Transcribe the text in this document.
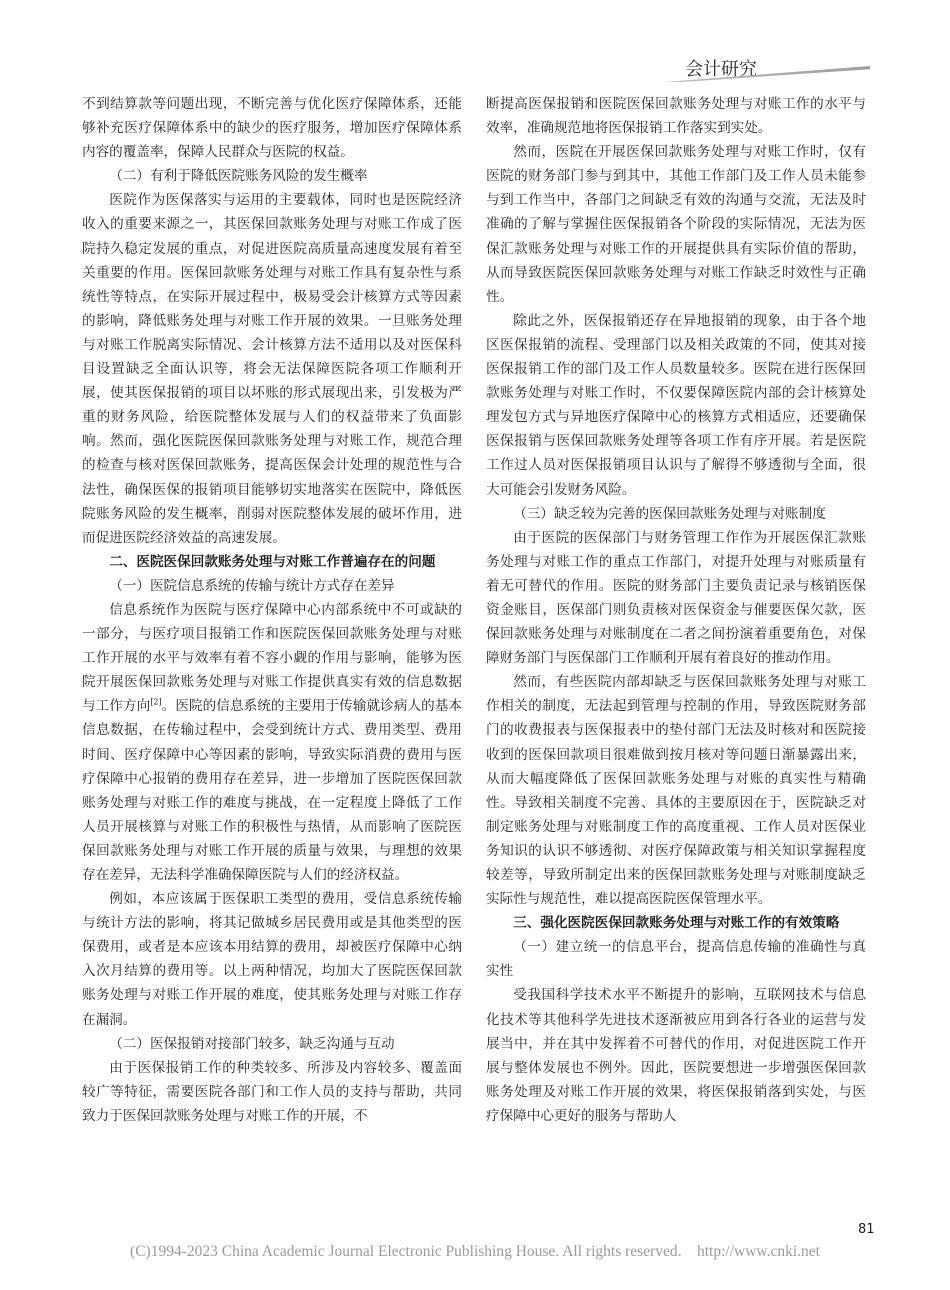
会计研究

不到结算款等问题出现，不断完善与优化医疗保障体系，还能够补充医疗保障体系中的缺少的医疗服务，增加医疗保障体系内容的覆盖率，保障人民群众与医院的权益。

（二）有利于降低医院账务风险的发生概率

医院作为医保落实与运用的主要载体，同时也是医院经济收入的重要来源之一，其医保回款账务处理与对账工作成了医院持久稳定发展的重点，对促进医院高质量高速度发展有着至关重要的作用。医保回款账务处理与对账工作具有复杂性与系统性等特点，在实际开展过程中，极易受会计核算方式等因素的影响，降低账务处理与对账工作开展的效果。一旦账务处理与对账工作脱离实际情况、会计核算方法不适用以及对医保科目设置缺乏全面认识等，将会无法保障医院各项工作顺利开展，使其医保报销的项目以坏账的形式展现出来，引发极为严重的财务风险，给医院整体发展与人们的权益带来了负面影响。然而，强化医院医保回款账务处理与对账工作，规范合理的检查与核对医保回款账务，提高医保会计处理的规范性与合法性，确保医保的报销项目能够切实地落实在医院中，降低医院账务风险的发生概率，削弱对医院整体发展的破坏作用，进而促进医院经济效益的高速发展。

二、医院医保回款账务处理与对账工作普遍存在的问题
（一）医院信息系统的传输与统计方式存在差异

信息系统作为医院与医疗保障中心内部系统中不可或缺的一部分，与医疗项目报销工作和医院医保回款账务处理与对账工作开展的水平与效率有着不容小觑的作用与影响，能够为医院开展医保回款账务处理与对账工作提供真实有效的信息数据与工作方向[2]。医院的信息系统的主要用于传输就诊病人的基本信息数据，在传输过程中，会受到统计方式、费用类型、费用时间、医疗保障中心等因素的影响，导致实际消费的费用与医疗保障中心报销的费用存在差异，进一步增加了医院医保回款账务处理与对账工作的难度与挑战，在一定程度上降低了工作人员开展核算与对账工作的积极性与热情，从而影响了医院医保回款账务处理与对账工作开展的质量与效果，与理想的效果存在差异，无法科学准确保障医院与人们的经济权益。

例如，本应该属于医保职工类型的费用，受信息系统传输与统计方法的影响，将其记做城乡居民费用或是其他类型的医保费用，或者是本应该本用结算的费用，却被医疗保障中心纳入次月结算的费用等。以上两种情况，均加大了医院医保回款账务处理与对账工作开展的难度，使其账务处理与对账工作存在漏洞。

（二）医保报销对接部门较多，缺乏沟通与互动

由于医保报销工作的种类较多、所涉及内容较多、覆盖面较广等特征，需要医院各部门和工作人员的支持与帮助，共同致力于医保回款账务处理与对账工作的开展，不

断提高医保报销和医院医保回款账务处理与对账工作的水平与效率，准确规范地将医保报销工作落实到实处。

然而，医院在开展医保回款账务处理与对账工作时，仅有医院的财务部门参与到其中，其他工作部门及工作人员未能参与到工作当中，各部门之间缺乏有效的沟通与交流，无法及时准确的了解与掌握住医保报销各个阶段的实际情况，无法为医保汇款账务处理与对账工作的开展提供具有实际价值的帮助，从而导致医院医保回款账务处理与对账工作缺乏时效性与正确性。

除此之外，医保报销还存在异地报销的现象，由于各个地区医保报销的流程、受理部门以及相关政策的不同，使其对接医保报销工作的部门及工作人员数量较多。医院在进行医保回款账务处理与对账工作时，不仅要保障医院内部的会计核算处理发包方式与异地医疗保障中心的核算方式相适应，还要确保医保报销与医保回款账务处理等各项工作有序开展。若是医院工作过人员对医保报销项目认识与了解得不够透彻与全面，很大可能会引发财务风险。

（三）缺乏较为完善的医保回款账务处理与对账制度

由于医院的医保部门与财务管理工作作为开展医保汇款账务处理与对账工作的重点工作部门，对提升处理与对账质量有着无可替代的作用。医院的财务部门主要负责记录与核销医保资金账目，医保部门则负责核对医保资金与催要医保欠款，医保回款账务处理与对账制度在二者之间扮演着重要角色，对保障财务部门与医保部门工作顺利开展有着良好的推动作用。

然而，有些医院内部却缺乏与医保回款账务处理与对账工作相关的制度，无法起到管理与控制的作用，导致医院财务部门的收费报表与医保报表中的垫付部门无法及时核对和医院接收到的医保回款项目很难做到按月核对等问题日渐暴露出来，从而大幅度降低了医保回款账务处理与对账的真实性与精确性。导致相关制度不完善、具体的主要原因在于，医院缺乏对制定账务处理与对账制度工作的高度重视、工作人员对医保业务知识的认识不够透彻、对医疗保障政策与相关知识掌握程度较差等，导致所制定出来的医保回款账务处理与对账制度缺乏实际性与规范性，难以提高医院医保管理水平。

三、强化医院医保回款账务处理与对账工作的有效策略
（一）建立统一的信息平台，提高信息传输的准确性与真实性

受我国科学技术水平不断提升的影响，互联网技术与信息化技术等其他科学先进技术逐渐被应用到各行各业的运营与发展当中，并在其中发挥着不可替代的作用，对促进医院工作开展与整体发展也不例外。因此，医院要想进一步增强医保回款账务处理及对账工作开展的效果，将医保报销落到实处，与医疗保障中心更好的服务与帮助人

81
(C)1994-2023 China Academic Journal Electronic Publishing House. All rights reserved. http://www.cnki.net
